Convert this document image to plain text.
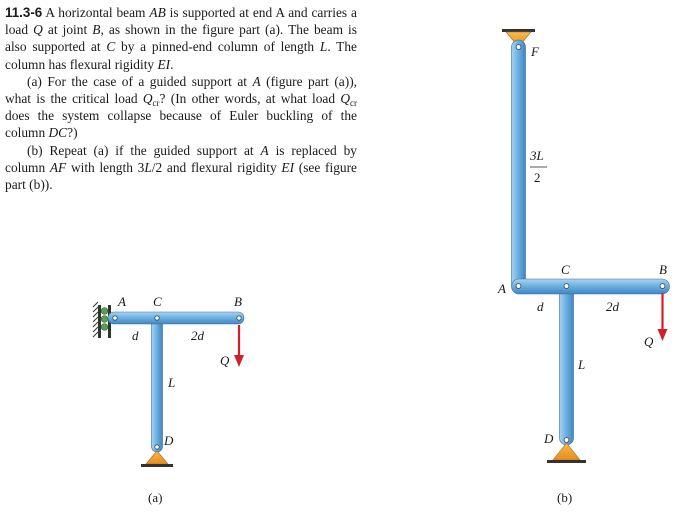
11.3-6 A horizontal beam AB is supported at end A and carries a load Q at joint B, as shown in the figure part (a). The beam is also supported at C by a pinned-end column of length L. The column has flexural rigidity EI.

(a) For the case of a guided support at A (figure part (a)), what is the critical load $Q_{cr}$? (In other words, at what load $Q_{cr}$ does the system collapse because of Euler buckling of the column DC?)

(b) Repeat (a) if the guided support at A is replaced by column AF with length 3L/2 and flexural rigidity EI (see figure part (b)).

A C	B
d	2d
Q
L
D
(a)
F
3L
2
A
C	B
d	2d
Q
L
D
(b)
